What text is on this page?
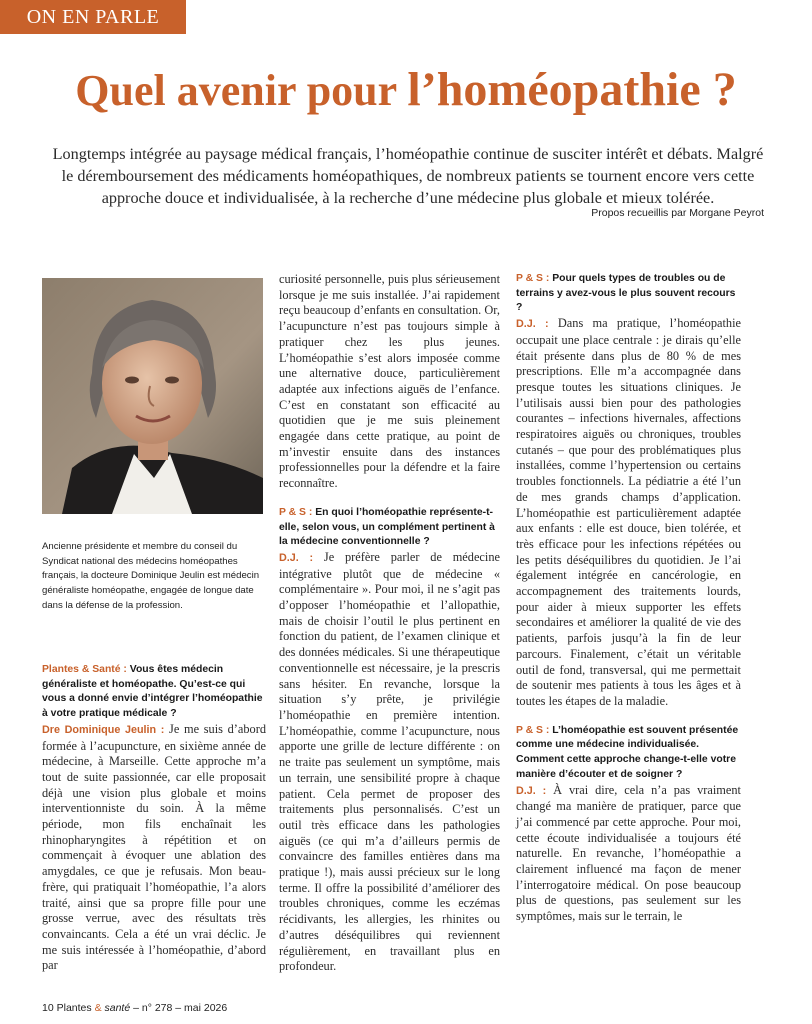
ON EN PARLE
Quel avenir pour l’homéopathie ?

Longtemps intégrée au paysage médical français, l’homéopathie continue de susciter intérêt et débats. Malgré le déremboursement des médicaments homéopathiques, de nombreux patients se tournent encore vers cette approche douce et individualisée, à la recherche d’une médecine plus globale et mieux tolérée.

Propos recueillis par Morgane Peyrot

Ancienne présidente et membre du conseil du Syndicat national des médecins homéopathes français, la docteure Dominique Jeulin est médecin généraliste homéopathe, engagée de longue date dans la défense de la profession.

Plantes & Santé : Vous êtes médecin généraliste et homéopathe. Qu’est-ce qui vous a donné envie d’intégrer l’homéopathie à votre pratique médicale ?

Dre Dominique Jeulin : Je me suis d’abord formée à l’acupuncture, en sixième année de médecine, à Marseille. Cette approche m’a tout de suite passionnée, car elle proposait déjà une vision plus globale et moins interventionniste du soin. À la même période, mon fils enchaînait les rhinopharyngites à répétition et on commençait à évoquer une ablation des amygdales, ce que je refusais. Mon beau-frère, qui pratiquait l’homéopathie, l’a alors traité, ainsi que sa propre fille pour une grosse verrue, avec des résultats très convaincants. Cela a été un vrai déclic. Je me suis intéressée à l’homéopathie, d’abord par

curiosité personnelle, puis plus sérieusement lorsque je me suis installée. J’ai rapidement reçu beaucoup d’enfants en consultation. Or, l’acupuncture n’est pas toujours simple à pratiquer chez les plus jeunes. L’homéopathie s’est alors imposée comme une alternative douce, particulièrement adaptée aux infections aiguës de l’enfance. C’est en constatant son efficacité au quotidien que je me suis pleinement engagée dans cette pratique, au point de m’investir ensuite dans des instances professionnelles pour la défendre et la faire reconnaître.

P & S : En quoi l’homéopathie représente-t-elle, selon vous, un complément pertinent à la médecine conventionnelle ?

D.J. : Je préfère parler de médecine intégrative plutôt que de médecine « complémentaire ». Pour moi, il ne s’agit pas d’opposer l’homéopathie et l’allopathie, mais de choisir l’outil le plus pertinent en fonction du patient, de l’examen clinique et des données médicales. Si une thérapeutique conventionnelle est nécessaire, je la prescris sans hésiter. En revanche, lorsque la situation s’y prête, je privilégie l’homéopathie en première intention. L’homéopathie, comme l’acupuncture, nous apporte une grille de lecture différente : on ne traite pas seulement un symptôme, mais un terrain, une sensibilité propre à chaque patient. Cela permet de proposer des traitements plus personnalisés. C’est un outil très efficace dans les pathologies aiguës (ce qui m’a d’ailleurs permis de convaincre des familles entières dans ma pratique !), mais aussi précieux sur le long terme. Il offre la possibilité d’améliorer des troubles chroniques, comme les eczémas récidivants, les allergies, les rhinites ou d’autres déséquilibres qui reviennent régulièrement, en travaillant plus en profondeur.

P & S : Pour quels types de troubles ou de terrains y avez-vous le plus souvent recours ?

D.J. : Dans ma pratique, l’homéopathie occupait une place centrale : je dirais qu’elle était présente dans plus de 80 % de mes prescriptions. Elle m’a accompagnée dans presque toutes les situations cliniques. Je l’utilisais aussi bien pour des pathologies courantes – infections hivernales, affections respiratoires aiguës ou chroniques, troubles cutanés – que pour des problématiques plus installées, comme l’hypertension ou certains troubles fonctionnels. La pédiatrie a été l’un de mes grands champs d’application. L’homéopathie est particulièrement adaptée aux enfants : elle est douce, bien tolérée, et très efficace pour les infections répétées ou les petits déséquilibres du quotidien. Je l’ai également intégrée en cancérologie, en accompagnement des traitements lourds, pour aider à mieux supporter les effets secondaires et améliorer la qualité de vie des patients, parfois jusqu’à la fin de leur parcours. Finalement, c’était un véritable outil de fond, transversal, qui me permettait de soutenir mes patients à tous les âges et à toutes les étapes de la maladie.

P & S : L’homéopathie est souvent présentée comme une médecine individualisée. Comment cette approche change-t-elle votre manière d’écouter et de soigner ?

D.J. : À vrai dire, cela n’a pas vraiment changé ma manière de pratiquer, parce que j’ai commencé par cette approche. Pour moi, cette écoute individualisée a toujours été naturelle. En revanche, l’homéopathie a clairement influencé ma façon de mener l’interrogatoire médical. On pose beaucoup plus de questions, pas seulement sur les symptômes, mais sur le terrain, le

10 Plantes & santé – n° 278 – mai 2026
